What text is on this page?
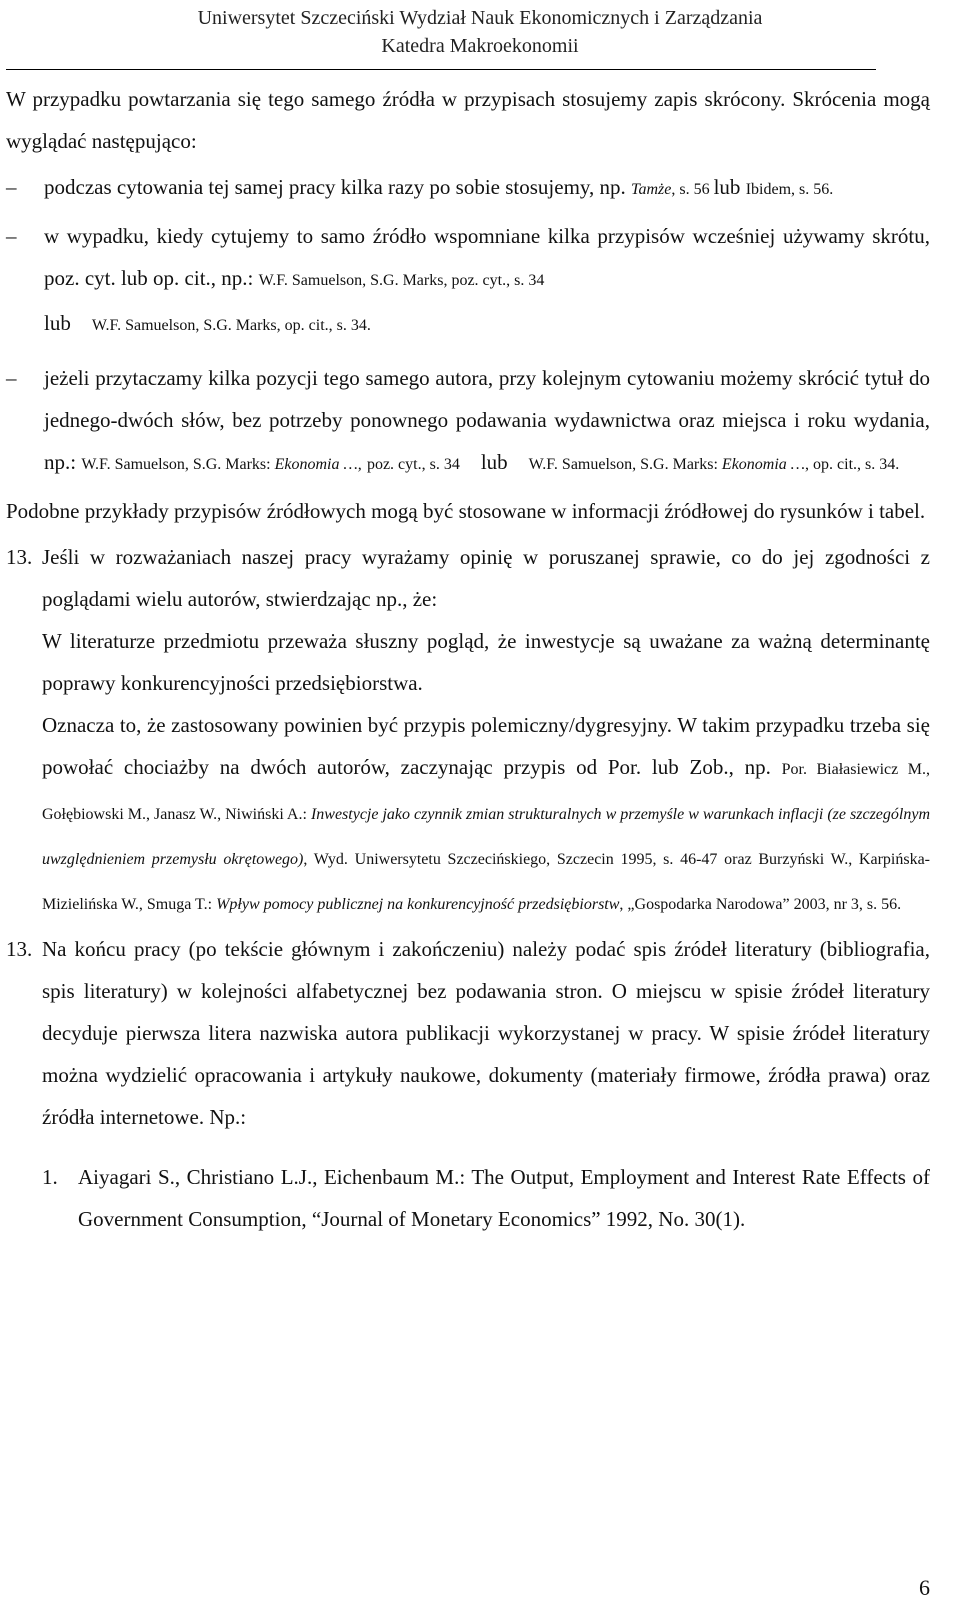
Uniwersytet Szczeciński Wydział Nauk Ekonomicznych i Zarządzania
Katedra Makroekonomii

W przypadku powtarzania się tego samego źródła w przypisach stosujemy zapis skrócony. Skrócenia mogą wyglądać następująco:

– podczas cytowania tej samej pracy kilka razy po sobie stosujemy, np. Tamże, s. 56 lub Ibidem, s. 56.
– w wypadku, kiedy cytujemy to samo źródło wspomniane kilka przypisów wcześniej używamy skrótu, poz. cyt. lub op. cit., np.: W.F. Samuelson, S.G. Marks, poz. cyt., s. 34
lub W.F. Samuelson, S.G. Marks, op. cit., s. 34.
– jeżeli przytaczamy kilka pozycji tego samego autora, przy kolejnym cytowaniu możemy skrócić tytuł do jednego-dwóch słów, bez potrzeby ponownego podawania wydawnictwa oraz miejsca i roku wydania, np.: W.F. Samuelson, S.G. Marks: Ekonomia …, poz. cyt., s. 34 lub W.F. Samuelson, S.G. Marks: Ekonomia …, op. cit., s. 34.

Podobne przykłady przypisów źródłowych mogą być stosowane w informacji źródłowej do rysunków i tabel.

13. Jeśli w rozważaniach naszej pracy wyrażamy opinię w poruszanej sprawie, co do jej zgodności z poglądami wielu autorów, stwierdzając np., że:

W literaturze przedmiotu przeważa słuszny pogląd, że inwestycje są uważane za ważną determinantę poprawy konkurencyjności przedsiębiorstwa.

Oznacza to, że zastosowany powinien być przypis polemiczny/dygresyjny. W takim przypadku trzeba się powołać chociażby na dwóch autorów, zaczynając przypis od Por. lub Zob., np. Por. Białasiewicz M., Gołębiowski M., Janasz W., Niwiński A.: Inwestycje jako czynnik zmian strukturalnych w przemyśle w warunkach inflacji (ze szczególnym uwzględnieniem przemysłu okrętowego), Wyd. Uniwersytetu Szczecińskiego, Szczecin 1995, s. 46-47 oraz Burzyński W., Karpińska-Mizielińska W., Smuga T.: Wpływ pomocy publicznej na konkurencyjność przedsiębiorstw, „Gospodarka Narodowa” 2003, nr 3, s. 56.

13. Na końcu pracy (po tekście głównym i zakończeniu) należy podać spis źródeł literatury (bibliografia, spis literatury) w kolejności alfabetycznej bez podawania stron. O miejscu w spisie źródeł literatury decyduje pierwsza litera nazwiska autora publikacji wykorzystanej w pracy. W spisie źródeł literatury można wydzielić opracowania i artykuły naukowe, dokumenty (materiały firmowe, źródła prawa) oraz źródła internetowe. Np.:

1. Aiyagari S., Christiano L.J., Eichenbaum M.: The Output, Employment and Interest Rate Effects of Government Consumption, “Journal of Monetary Economics” 1992, No. 30(1).

6
